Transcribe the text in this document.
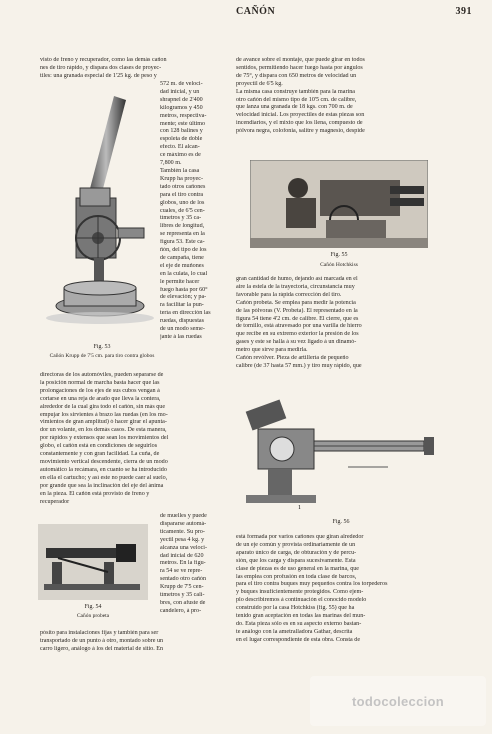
CAÑÓN	391
visto de freno y recuperador, como las demás cañon
nes de tiro rápido, y dispara dos clases de proyec-
tiles: una granada especial de 1'25 kg. de peso y
572 m. de veloci-
dad inicial, y un
shrapnel de 2'400
kilogramos y 450
metros, respectiva-
mente; este último
con 128 balines y
espoleta de doble
efecto. El alcan-
ce máximo es de
7,800 m.
También la casa
Krupp ha proyec-
tado otros cañones
para el tiro contra
globos, uno de los
cuales, de 6'5 cen-
tímetros y 35 ca-
libres de longitud,
se representa en la
figura 53. Este ca-
ñón, del tipo de los
de campaña, tiene
el eje de muñones
en la culata, lo cual
le permite hacer
fuego hasta por 60°
de elevación; y pa-
ra facilitar la pun-
tería en dirección las
ruedas, dispuestas
de un modo seme-
jante á las ruedas
Fig. 53
Cañón Krupp de 7'5 cm. para tiro contra globos
directoras de los automóviles, pueden separarse de
la posición normal de marcha basta hacer que las
prolongaciones de los ejes de sus cubos vengan á
cortarse en una reja de arado que lleva la contera,
alrededor de la cual gira todo el cañón, sin más que
empujar los sirvientes á brazo las ruedas (en los mo-
vimientos de gran amplitud) ó hacer girar el apunta-
dor un volante, en los demás casos. De esta manera,
por rápidos y extensos que sean los movimientos del
globo, el cañón está en condiciones de seguirlos
constantemente y con gran facilidad. La cuña, de
movimiento vertical descendente, cierra de un modo
automático la recámara, en cuanto se ha introducido
en ella el cartucho; y así este no puede caer al suelo,
por grande que sea la inclinación del eje del ánima
en la pieza. El cañón está provisto de freno y
recuperador
Fig. 54
Cañón probeta
de muelles y puede
dispararse automá-
ticamente. Su pro-
yectil pesa 4 kg. y
alcanza una veloci-
dad inicial de 620
metros. En la figu-
ra 54 se ve repre-
sentado otro cañón
Krupp de 7'5 cen-
tímetros y 35 cali-
bres, con afuste de
candelero, á pro-
pósito para instalaciones fijas y también para ser
transportado de un punto á otro, montado sobre un
carro ligero, análogo á los del material de sitio. En
de avance sobre el montaje, que puede girar en todos
sentidos, permitiendo hacer fuego hasta por ángulos
de 75°, y dispara con 650 metros de velocidad un
proyectil de 6'5 kg.
La misma casa construye también para la marina
otro cañón del mismo tipo de 10'5 cm. de calibre,
que lanza una granada de 18 kgs. con 700 m. de
velocidad inicial. Los proyectiles de estas piezas son
incendiarios, y el mixto que los llena, compuesto de
pólvora negra, colofonia, salitre y magnesio, despide
Fig. 55
Cañón Hotchkiss
gran cantidad de humo, dejando así marcada en el
aire la estela de la trayectoria, circunstancia muy
favorable para la rápida corrección del tiro.
Cañón probeta. Se emplea para medir la potencia
de las pólvoras (V. Probeta). El representado en la
figura 54 tiene 4'2 cm. de calibre. El cierre, que es
de tornillo, está atravesado por una varilla de hierro
que recibe en su extremo exterior la presión de los
gases y este se halla á su vez ligado á un dinamó-
metro que sirve para medirla.
Cañón revólver. Pieza de artillería de pequeño
calibre (de 37 hasta 57 mm.) y tiro muy rápido, que
1
Fig. 56
está formada por varios cañones que giran alrededor
de un eje común y provista ordinariamente de un
aparato único de carga, de obturación y de percu-
sión, que los carga y dispara sucesivamente. Esta
clase de piezas es de uso general en la marina, que
las emplea con profusión en toda clase de barcos,
para el tiro contra buques muy pequeños contra los torpederos
y buques insuficientemente protegidos. Como ejem-
plo describiremos á continuación el conocido modelo
construido por la casa Hotchkiss (fig. 55) que ha
tenido gran aceptación en todas las marinas del mun-
do. Esta pieza sólo es en su aspecto externo bastan-
te análogo con la ametralladora Gathar, descrita
en el lugar correspondiente de esta obra. Consta de
todocoleccion
